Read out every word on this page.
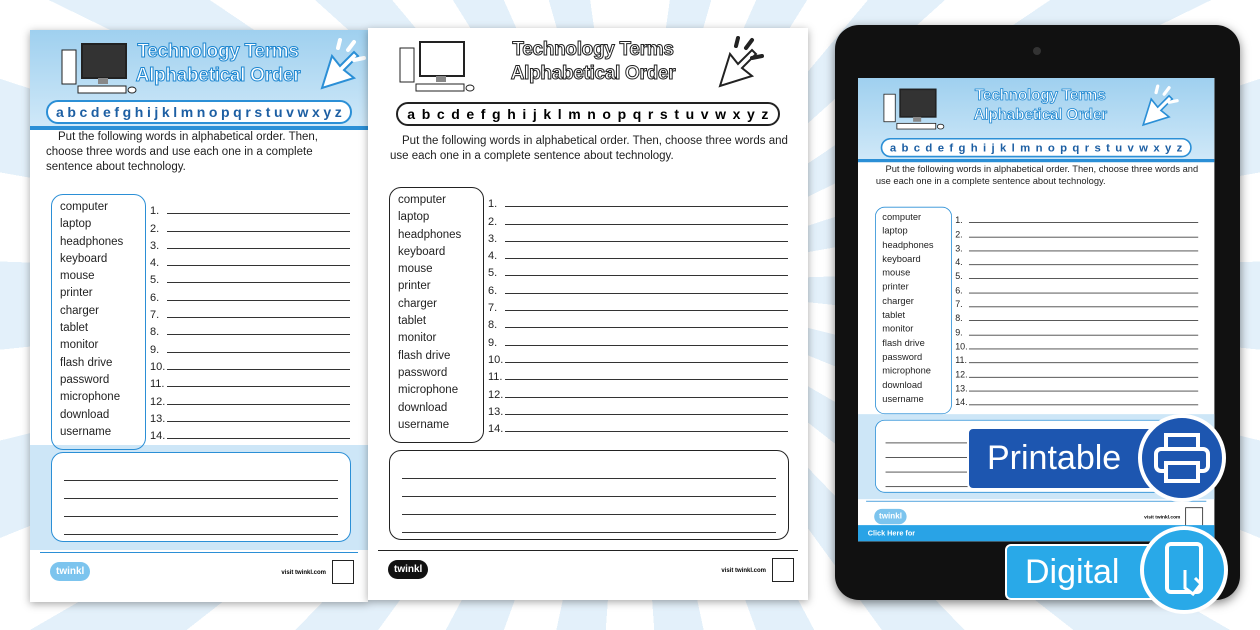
Technology Terms
Alphabetical Order
a b c d e f g h i j k l m n o p q r s t u v w x y z
Put the following words in alphabetical order. Then, choose three words and use each one in a complete sentence about technology.
computer
laptop
headphones
keyboard
mouse
printer
charger
tablet
monitor
flash drive
password
microphone
download
username
1.
2.
3.
4.
5.
6.
7.
8.
9.
10.
11.
12.
13.
14.
twinkl	visit twinkl.com
Technology Terms
Alphabetical Order
a b c d e f g h i j k l m n o p q r s t u v w x y z
Put the following words in alphabetical order. Then, choose three words and use each one in a complete sentence about technology.
computer
laptop
headphones
keyboard
mouse
printer
charger
tablet
monitor
flash drive
password
microphone
download
username
1.
2.
3.
4.
5.
6.
7.
8.
9.
10.
11.
12.
13.
14.
twinkl	visit twinkl.com
Technology Terms
Alphabetical Order
a b c d e f g h i j k l m n o p q r s t u v w x y z
Put the following words in alphabetical order. Then, choose three words and use each one in a complete sentence about technology.
computer
laptop
headphones
keyboard
mouse
printer
charger
tablet
monitor
flash drive
password
microphone
download
username
1.
2.
3.
4.
5.
6.
7.
8.
9.
10.
11.
12.
13.
14.
twinkl	visit twinkl.com
Click Here for
Printable
Digital
